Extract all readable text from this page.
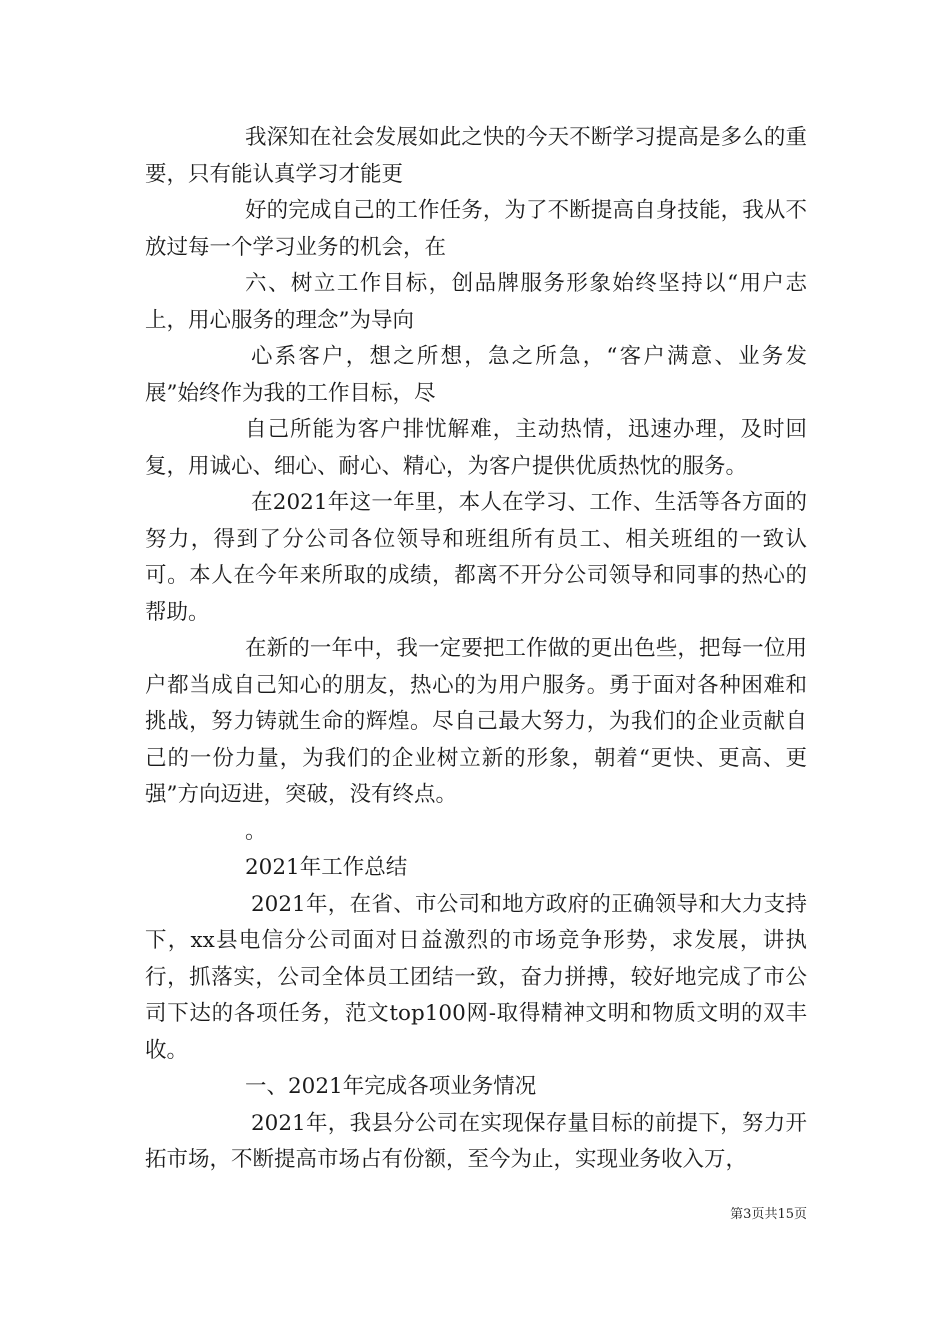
我深知在社会发展如此之快的今天不断学习提高是多么的重要，只有能认真学习才能更

好的完成自己的工作任务，为了不断提高自身技能，我从不放过每一个学习业务的机会，在

六、树立工作目标，创品牌服务形象始终坚持以“用户志上，用心服务的理念”为导向

心系客户，想之所想，急之所急，“客户满意、业务发展”始终作为我的工作目标，尽

自己所能为客户排忧解难，主动热情，迅速办理，及时回复，用诚心、细心、耐心、精心，为客户提供优质热忱的服务。

在2021年这一年里，本人在学习、工作、生活等各方面的努力，得到了分公司各位领导和班组所有员工、相关班组的一致认可。本人在今年来所取的成绩，都离不开分公司领导和同事的热心的帮助。

在新的一年中，我一定要把工作做的更出色些，把每一位用户都当成自己知心的朋友，热心的为用户服务。勇于面对各种困难和挑战，努力铸就生命的辉煌。尽自己最大努力，为我们的企业贡献自己的一份力量，为我们的企业树立新的形象，朝着“更快、更高、更强”方向迈进，突破，没有终点。

。

2021年工作总结

2021年，在省、市公司和地方政府的正确领导和大力支持下，xx县电信分公司面对日益激烈的市场竞争形势，求发展，讲执行，抓落实，公司全体员工团结一致，奋力拼搏，较好地完成了市公司下达的各项任务，范文top100网-取得精神文明和物质文明的双丰收。

一、2021年完成各项业务情况

2021年，我县分公司在实现保存量目标的前提下，努力开拓市场，不断提高市场占有份额，至今为止，实现业务收入万，

第3页共15页
